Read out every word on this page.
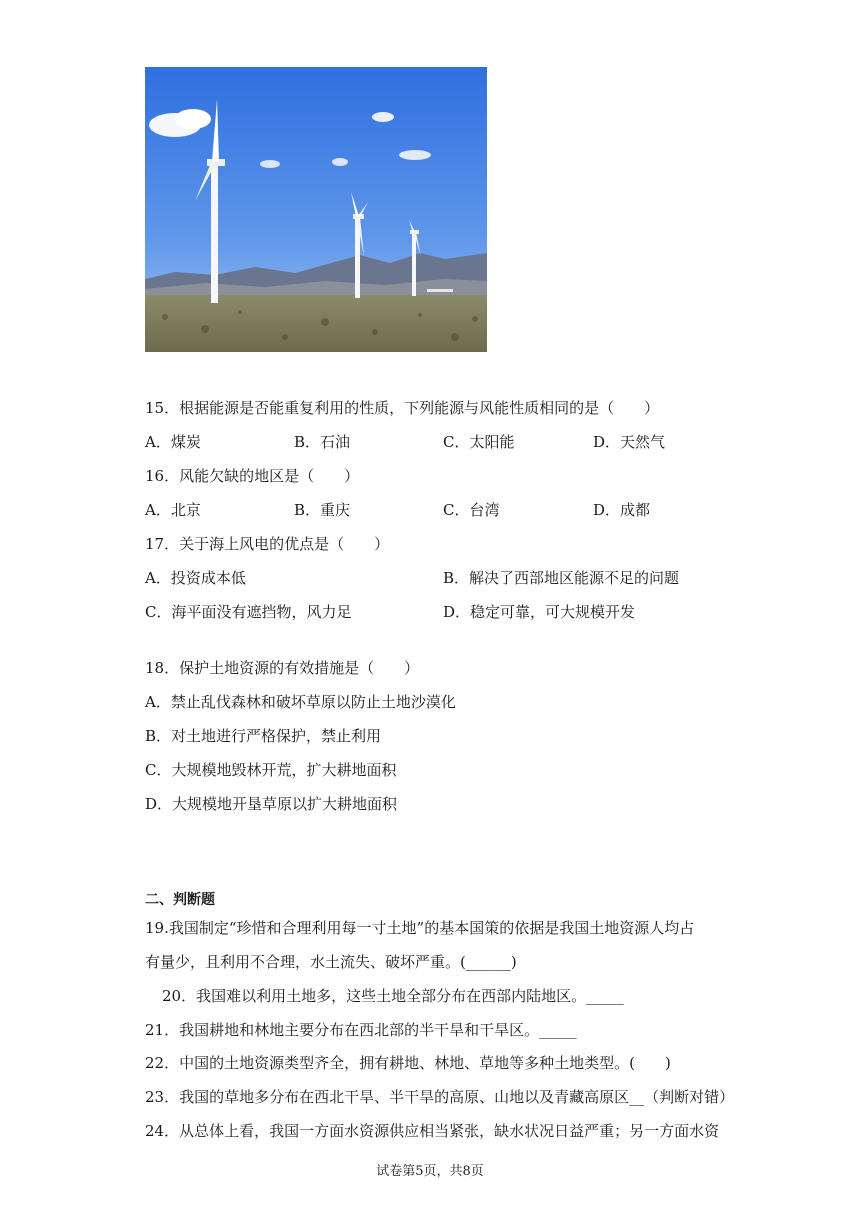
15．根据能源是否能重复利用的性质，下列能源与风能性质相同的是（　　）
A．煤炭	B．石油	C．太阳能	D．天然气
16．风能欠缺的地区是（　　）
A．北京	B．重庆	C．台湾	D．成都
17．关于海上风电的优点是（　　）
A．投资成本低	B．解决了西部地区能源不足的问题
C．海平面没有遮挡物，风力足	D．稳定可靠，可大规模开发
18．保护土地资源的有效措施是（　　）
A．禁止乱伐森林和破坏草原以防止土地沙漠化
B．对土地进行严格保护，禁止利用
C．大规模地毁林开荒，扩大耕地面积
D．大规模地开垦草原以扩大耕地面积
二、判断题
19.我国制定“珍惜和合理利用每一寸土地”的基本国策的依据是我国土地资源人均占
有量少，且利用不合理，水土流失、破坏严重。(______)
20．我国难以利用土地多，这些土地全部分布在西部内陆地区。_____
21．我国耕地和林地主要分布在西北部的半干旱和干旱区。_____
22．中国的土地资源类型齐全，拥有耕地、林地、草地等多种土地类型。(　　)
23．我国的草地多分布在西北干旱、半干旱的高原、山地以及青藏高原区__（判断对错）
24．从总体上看，我国一方面水资源供应相当紧张，缺水状况日益严重；另一方面水资
试卷第5页，共8页
